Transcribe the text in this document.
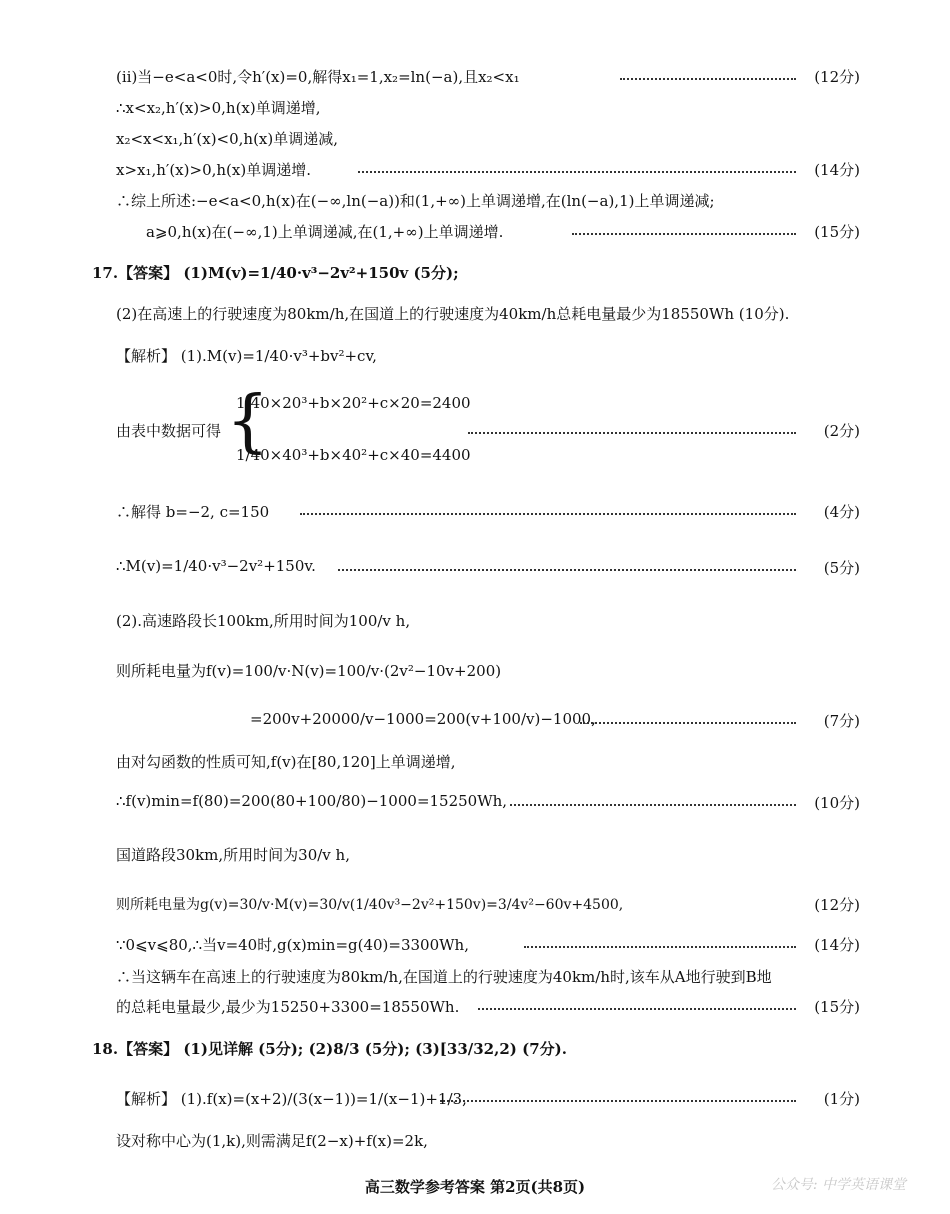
(ⅱ)当−e<a<0时,令h′(x)=0,解得x₁=1,x₂=ln(−a),且x₂<x₁	(12分)
∴x<x₂,h′(x)>0,h(x)单调递增,
x₂<x<x₁,h′(x)<0,h(x)单调递减,
x>x₁,h′(x)>0,h(x)单调递增.	(14分)
∴综上所述:−e<a<0,h(x)在(−∞,ln(−a))和(1,+∞)上单调递增,在(ln(−a),1)上单调递减;
a⩾0,h(x)在(−∞,1)上单调递减,在(1,+∞)上单调递增.	(15分)
17.【答案】 (1)M(v)=1/40·v³−2v²+150v (5分);
(2)在高速上的行驶速度为80km/h,在国道上的行驶速度为40km/h总耗电量最少为18550Wh (10分).
【解析】 (1).M(v)=1/40·v³+bv²+cv,
1/40×20³+b×20²+c×20=2400
由表中数据可得 {	(2分)
1/40×40³+b×40²+c×40=4400
∴解得 b=−2, c=150	(4分)
∴M(v)=1/40·v³−2v²+150v.	(5分)
(2).高速路段长100km,所用时间为100/v h,
则所耗电量为f(v)=100/v·N(v)=100/v·(2v²−10v+200)
=200v+20000/v−1000=200(v+100/v)−1000,	(7分)
由对勾函数的性质可知,f(v)在[80,120]上单调递增,
∴f(v)min=f(80)=200(80+100/80)−1000=15250Wh,	(10分)
国道路段30km,所用时间为30/v h,
则所耗电量为g(v)=30/v·M(v)=30/v(1/40v³−2v²+150v)=3/4v²−60v+4500,	(12分)
∵0⩽v⩽80,∴当v=40时,g(x)min=g(40)=3300Wh,	(14分)
∴当这辆车在高速上的行驶速度为80km/h,在国道上的行驶速度为40km/h时,该车从A地行驶到B地
的总耗电量最少,最少为15250+3300=18550Wh.	(15分)
18.【答案】 (1)见详解 (5分); (2)8/3 (5分); (3)[33/32,2) (7分).
【解析】 (1).f(x)=(x+2)/(3(x−1))=1/(x−1)+1/3,	(1分)
设对称中心为(1,k),则需满足f(2−x)+f(x)=2k,
高三数学参考答案 第2页(共8页)	公众号: 中学英语课堂
